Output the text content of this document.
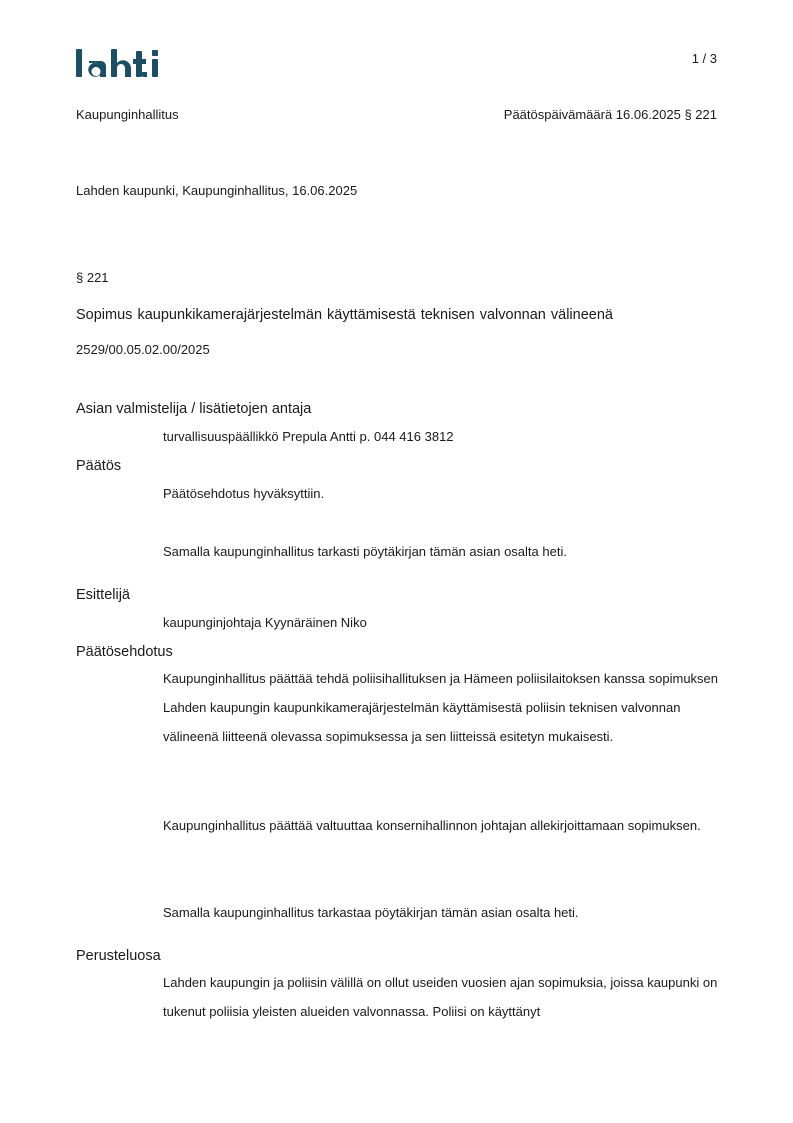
1 / 3
Kaupunginhallitus	Päätöspäivämäärä 16.06.2025 § 221
Lahden kaupunki, Kaupunginhallitus, 16.06.2025
§ 221
Sopimus kaupunkikamerajärjestelmän käyttämisestä teknisen valvonnan välineenä
2529/00.05.02.00/2025
Asian valmistelija / lisätietojen antaja
turvallisuuspäällikkö Prepula Antti p. 044 416 3812
Päätös
Päätösehdotus hyväksyttiin.
Samalla kaupunginhallitus tarkasti pöytäkirjan tämän asian osalta heti.
Esittelijä
kaupunginjohtaja Kyynäräinen Niko
Päätösehdotus
Kaupunginhallitus päättää tehdä poliisihallituksen ja Hämeen poliisilaitoksen kanssa sopimuksen Lahden kaupungin kaupunkikamerajärjestelmän käyttämisestä poliisin teknisen valvonnan välineenä liitteenä olevassa sopimuksessa ja sen liitteissä esitetyn mukaisesti.
Kaupunginhallitus päättää valtuuttaa konsernihallinnon johtajan allekirjoittamaan sopimuksen.
Samalla kaupunginhallitus tarkastaa pöytäkirjan tämän asian osalta heti.
Perusteluosa
Lahden kaupungin ja poliisin välillä on ollut useiden vuosien ajan sopimuksia, joissa kaupunki on tukenut poliisia yleisten alueiden valvonnassa. Poliisi on käyttänyt
